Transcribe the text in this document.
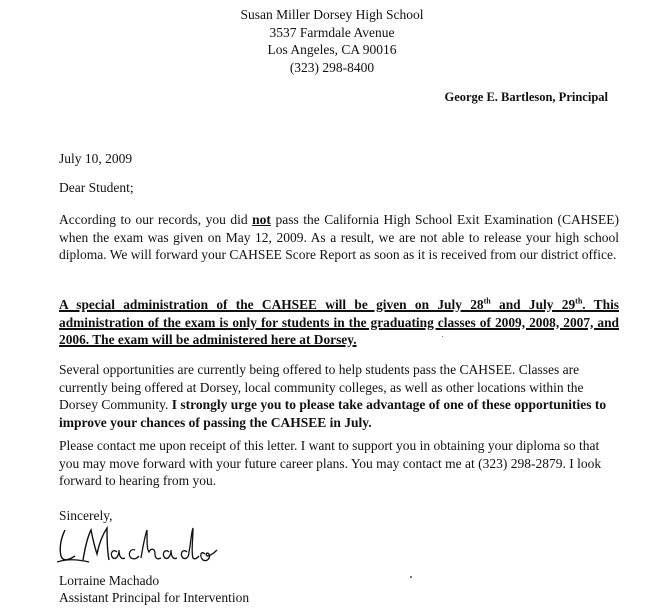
Susan Miller Dorsey High School
3537 Farmdale Avenue
Los Angeles, CA 90016
(323) 298-8400
George E. Bartleson, Principal
July 10, 2009
Dear Student;
According to our records, you did not pass the California High School Exit Examination (CAHSEE) when the exam was given on May 12, 2009. As a result, we are not able to release your high school diploma. We will forward your CAHSEE Score Report as soon as it is received from our district office.
A special administration of the CAHSEE will be given on July 28th and July 29th. This administration of the exam is only for students in the graduating classes of 2009, 2008, 2007, and 2006. The exam will be administered here at Dorsey.
Several opportunities are currently being offered to help students pass the CAHSEE. Classes are currently being offered at Dorsey, local community colleges, as well as other locations within the Dorsey Community. I strongly urge you to please take advantage of one of these opportunities to improve your chances of passing the CAHSEE in July.
Please contact me upon receipt of this letter. I want to support you in obtaining your diploma so that you may move forward with your future career plans. You may contact me at (323) 298-2879. I look forward to hearing from you.
Sincerely,
Lorraine Machado
Assistant Principal for Intervention
